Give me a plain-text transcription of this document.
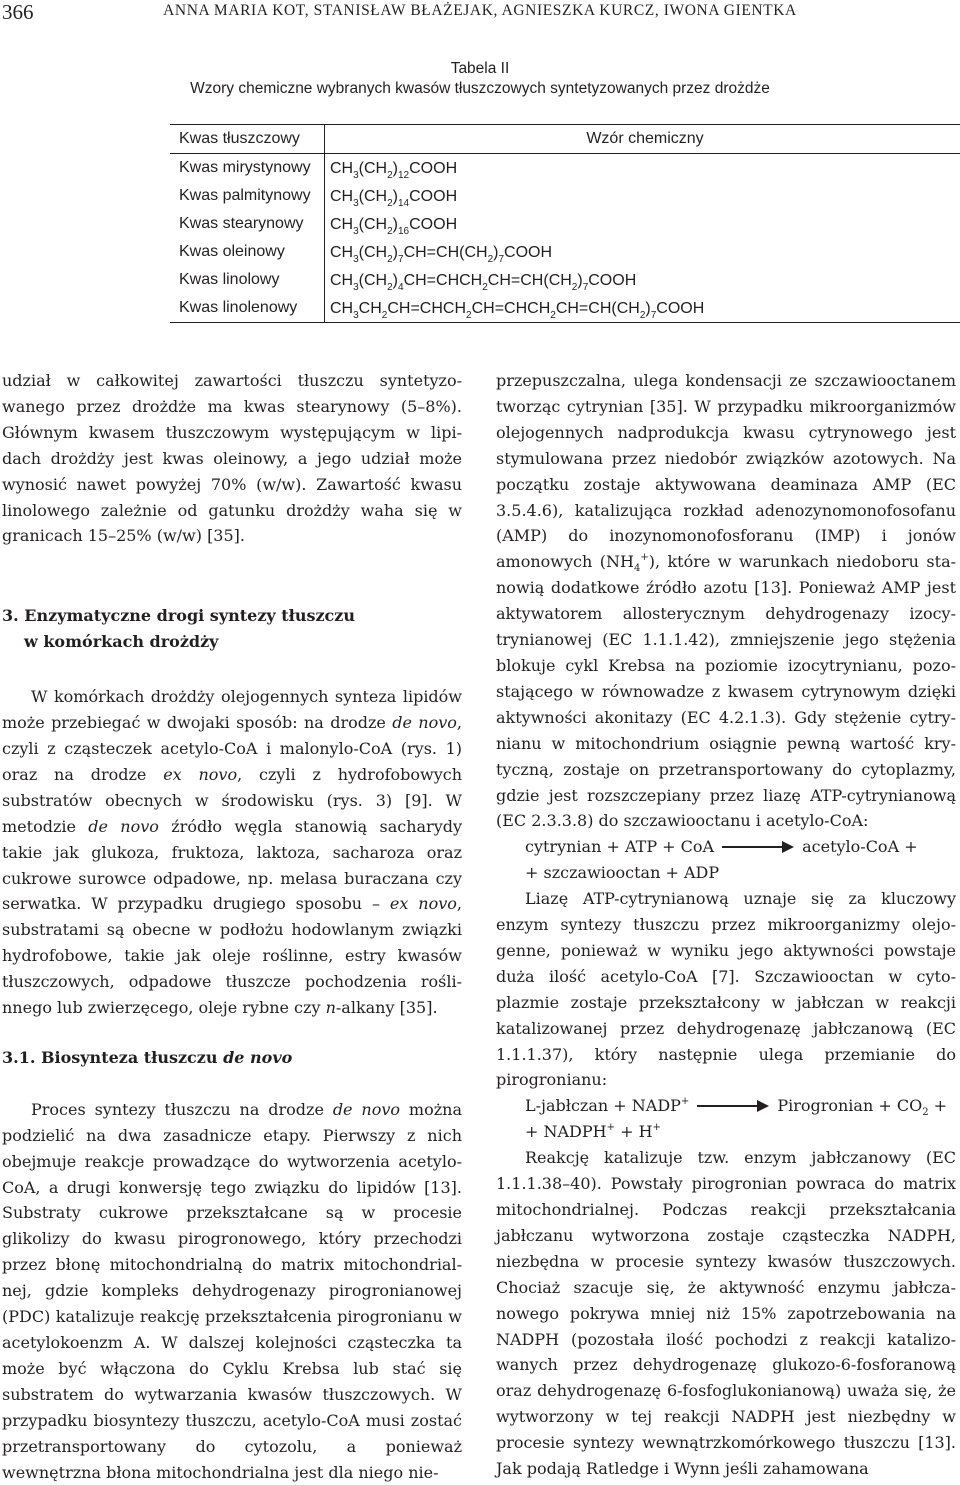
366	ANNA MARIA KOT, STANISŁAW BŁAŻEJAK, AGNIESZKA KURCZ, IWONA GIENTKA
Tabela II
Wzory chemiczne wybranych kwasów tłuszczowych syntetyzowanych przez drożdże
Kwas tłuszczowy	Wzór chemiczny
Kwas mirystynowy	$CH_3(CH_2)_{12}COOH$
Kwas palmitynowy	$CH_3(CH_2)_{14}COOH$
Kwas stearynowy	$CH_3(CH_2)_{16}COOH$
Kwas oleinowy	$CH_3(CH_2)_7CH=CH(CH_2)_7COOH$
Kwas linolowy	$CH_3(CH_2)_4CH=CHCH_2CH=CH(CH_2)_7COOH$
Kwas linolenowy	$CH_3CH_2CH=CHCH_2CH=CHCH_2CH=CH(CH_2)_7COOH$

udział w całkowitej zawartości tłuszczu syntetyzowanego przez drożdże ma kwas stearynowy (5–8%). Głównym kwasem tłuszczowym występującym w lipidach drożdży jest kwas oleinowy, a jego udział może wynosić nawet powyżej 70% (w/w). Zawartość kwasu linolowego zależnie od gatunku drożdży waha się w granicach 15–25% (w/w) [35].

3. Enzymatyczne drogi syntezy tłuszczu
w komórkach drożdży

W komórkach drożdży olejogennych synteza lipidów może przebiegać w dwojaki sposób: na drodze de novo, czyli z cząsteczek acetylo-CoA i malonylo-CoA (rys. 1) oraz na drodze ex novo, czyli z hydrofobowych substratów obecnych w środowisku (rys. 3) [9]. W metodzie de novo źródło węgla stanowią sacharydy takie jak glukoza, fruktoza, laktoza, sacharoza oraz cukrowe surowce odpadowe, np. melasa buraczana czy serwatka. W przypadku drugiego sposobu – ex novo, substratami są obecne w podłożu hodowlanym związki hydrofobowe, takie jak oleje roślinne, estry kwasów tłuszczowych, odpadowe tłuszcze pochodzenia roślinnego lub zwierzęcego, oleje rybne czy n-alkany [35].

3.1. Biosynteza tłuszczu de novo

Proces syntezy tłuszczu na drodze de novo można podzielić na dwa zasadnicze etapy. Pierwszy z nich obejmuje reakcje prowadzące do wytworzenia acetylo-CoA, a drugi konwersję tego związku do lipidów [13]. Substraty cukrowe przekształcane są w procesie glikolizy do kwasu pirogronowego, który przechodzi przez błonę mitochondrialną do matrix mitochondrialnej, gdzie kompleks dehydrogenazy pirogronianowej (PDC) katalizuje reakcję przekształcenia pirogronianu w acetylokoenzm A. W dalszej kolejności cząsteczka ta może być włączona do Cyklu Krebsa lub stać się substratem do wytwarzania kwasów tłuszczowych. W przypadku biosyntezy tłuszczu, acetylo-CoA musi zostać przetransportowany do cytozolu, a ponieważ wewnętrzna błona mitochondrialna jest dla niego nie-

przepuszczalna, ulega kondensacji ze szczawiooctanem tworząc cytrynian [35]. W przypadku mikroorganizmów olejogennych nadprodukcja kwasu cytrynowego jest stymulowana przez niedobór związków azotowych. Na początku zostaje aktywowana deaminaza AMP (EC 3.5.4.6), katalizująca rozkład adenozynomonofosofanu (AMP) do inozynomonofosforanu (IMP) i jonów amonowych $(NH_4^+)$, które w warunkach niedoboru stanowią dodatkowe źródło azotu [13]. Ponieważ AMP jest aktywatorem allosterycznym dehydrogenazy izocytrynianowej (EC 1.1.1.42), zmniejszenie jego stężenia blokuje cykl Krebsa na poziomie izocytrynianu, pozostającego w równowadze z kwasem cytrynowym dzięki aktywności akonitazy (EC 4.2.1.3). Gdy stężenie cytrynianu w mitochondrium osiągnie pewną wartość krytyczną, zostaje on przetransportowany do cytoplazmy, gdzie jest rozszczepiany przez liazę ATP-cytrynianową (EC 2.3.3.8) do szczawiooctanu i acetylo-CoA:

cytrynian + ATP + CoA	acetylo-CoA +
+ szczawiooctan + ADP

Liazę ATP-cytrynianową uznaje się za kluczowy enzym syntezy tłuszczu przez mikroorganizmy olejogenne, ponieważ w wyniku jego aktywności powstaje duża ilość acetylo-CoA [7]. Szczawiooctan w cytoplazmie zostaje przekształcony w jabłczan w reakcji katalizowanej przez dehydrogenazę jabłczanową (EC 1.1.1.37), który następnie ulega przemianie do pirogronianu:

L-jabłczan + NADP+	Pirogronian + $CO_2$ +
+ NADPH+ + H+

Reakcję katalizuje tzw. enzym jabłczanowy (EC 1.1.1.38–40). Powstały pirogronian powraca do matrix mitochondrialnej. Podczas reakcji przekształcania jabłczanu wytworzona zostaje cząsteczka NADPH, niezbędna w procesie syntezy kwasów tłuszczowych. Chociaż szacuje się, że aktywność enzymu jabłczanowego pokrywa mniej niż 15% zapotrzebowania na NADPH (pozostała ilość pochodzi z reakcji katalizowanych przez dehydrogenazę glukozo-6-fosforanową oraz dehydrogenazę 6-fosfoglukonianową) uważa się, że wytworzony w tej reakcji NADPH jest niezbędny w procesie syntezy wewnątrzkomórkowego tłuszczu [13]. Jak podają Ratledge i Wynn jeśli zahamowana
